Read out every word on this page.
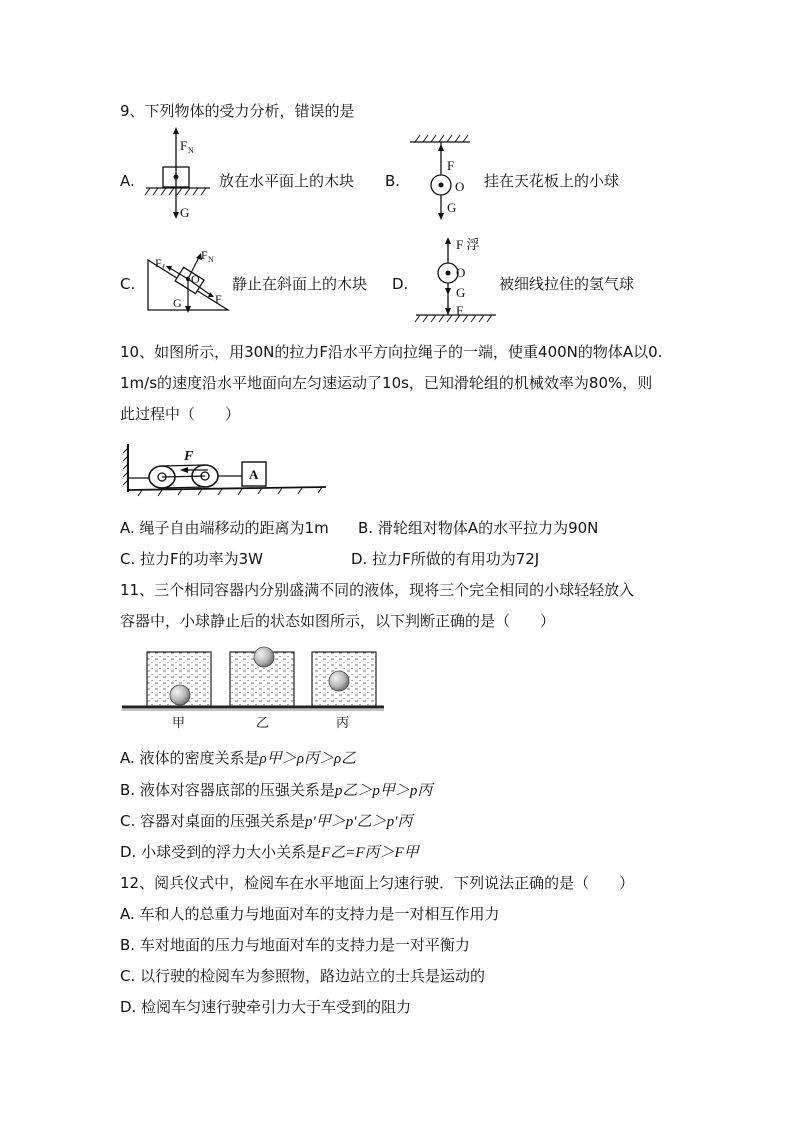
9、下列物体的受力分析，错误的是
A.
F N
G
放在水平面上的木块 B.
F
O
G
挂在天花板上的小球
C.
F f
F N
O
G	F
静止在斜面上的木块 D.
F 浮
O
G
F
被细线拉住的氢气球
10、如图所示，用30N的拉力F沿水平方向拉绳子的一端，使重400N的物体A以0.
1m/s的速度沿水平地面向左匀速运动了10s，已知滑轮组的机械效率为80%，则
此过程中（　　）
F
A
A. 绳子自由端移动的距离为1m B. 滑轮组对物体A的水平拉力为90N
C. 拉力F的功率为3W	D. 拉力F所做的有用功为72J
11、三个相同容器内分别盛满不同的液体，现将三个完全相同的小球轻轻放入
容器中，小球静止后的状态如图所示，以下判断正确的是（　　）
甲	乙	丙
A. 液体的密度关系是ρ甲＞ρ丙＞ρ乙
B. 液体对容器底部的压强关系是p乙＞p甲＞p丙
C. 容器对桌面的压强关系是p′甲＞p′乙＞p′丙
D. 小球受到的浮力大小关系是F乙=F丙＞F甲
12、阅兵仪式中，检阅车在水平地面上匀速行驶．下列说法正确的是（　　）
A. 车和人的总重力与地面对车的支持力是一对相互作用力
B. 车对地面的压力与地面对车的支持力是一对平衡力
C. 以行驶的检阅车为参照物，路边站立的士兵是运动的
D. 检阅车匀速行驶牵引力大于车受到的阻力
